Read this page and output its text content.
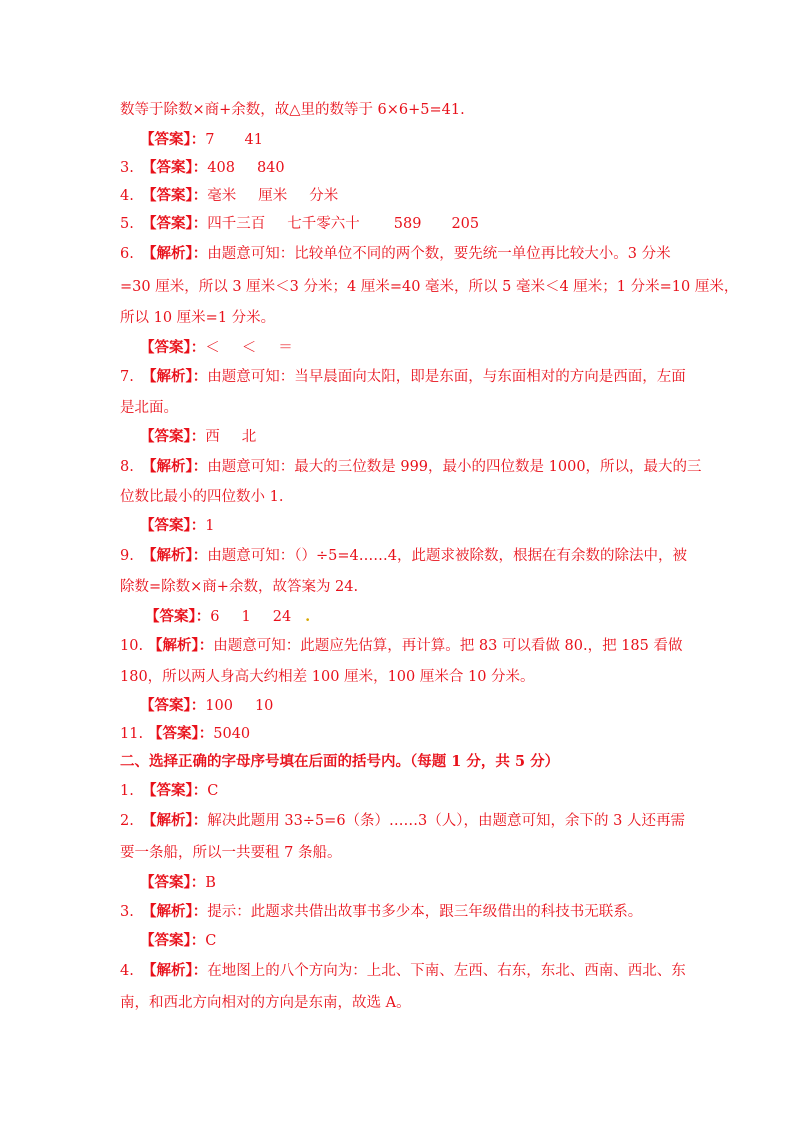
数等于除数×商+余数，故△里的数等于 6×6+5=41.
【答案】：7 41
3. 【答案】：408 840
4. 【答案】：毫米 厘米 分米
5. 【答案】：四千三百 七千零六十 589 205
6. 【解析】：由题意可知：比较单位不同的两个数，要先统一单位再比较大小。3 分米
=30 厘米，所以 3 厘米＜3 分米；4 厘米=40 毫米，所以 5 毫米＜4 厘米；1 分米=10 厘米，
所以 10 厘米=1 分米。
【答案】：＜ ＜ ＝
7. 【解析】：由题意可知：当早晨面向太阳，即是东面，与东面相对的方向是西面，左面
是北面。
【答案】：西 北
8. 【解析】：由题意可知：最大的三位数是 999，最小的四位数是 1000，所以，最大的三
位数比最小的四位数小 1.
【答案】：1
9. 【解析】：由题意可知：（）÷5=4……4，此题求被除数，根据在有余数的除法中，被
除数=除数×商+余数，故答案为 24.
【答案】：6 1 24 .
10. 【解析】：由题意可知：此题应先估算，再计算。把 83 可以看做 80.，把 185 看做
180，所以两人身高大约相差 100 厘米，100 厘米合 10 分米。
【答案】：100 10
11. 【答案】：5040
二、选择正确的字母序号填在后面的括号内。（每题 1 分，共 5 分）
1. 【答案】：C
2. 【解析】：解决此题用 33÷5=6（条）……3（人），由题意可知，余下的 3 人还再需
要一条船，所以一共要租 7 条船。
【答案】：B
3. 【解析】：提示：此题求共借出故事书多少本，跟三年级借出的科技书无联系。
【答案】：C
4. 【解析】：在地图上的八个方向为：上北、下南、左西、右东，东北、西南、西北、东
南，和西北方向相对的方向是东南，故选 A。
